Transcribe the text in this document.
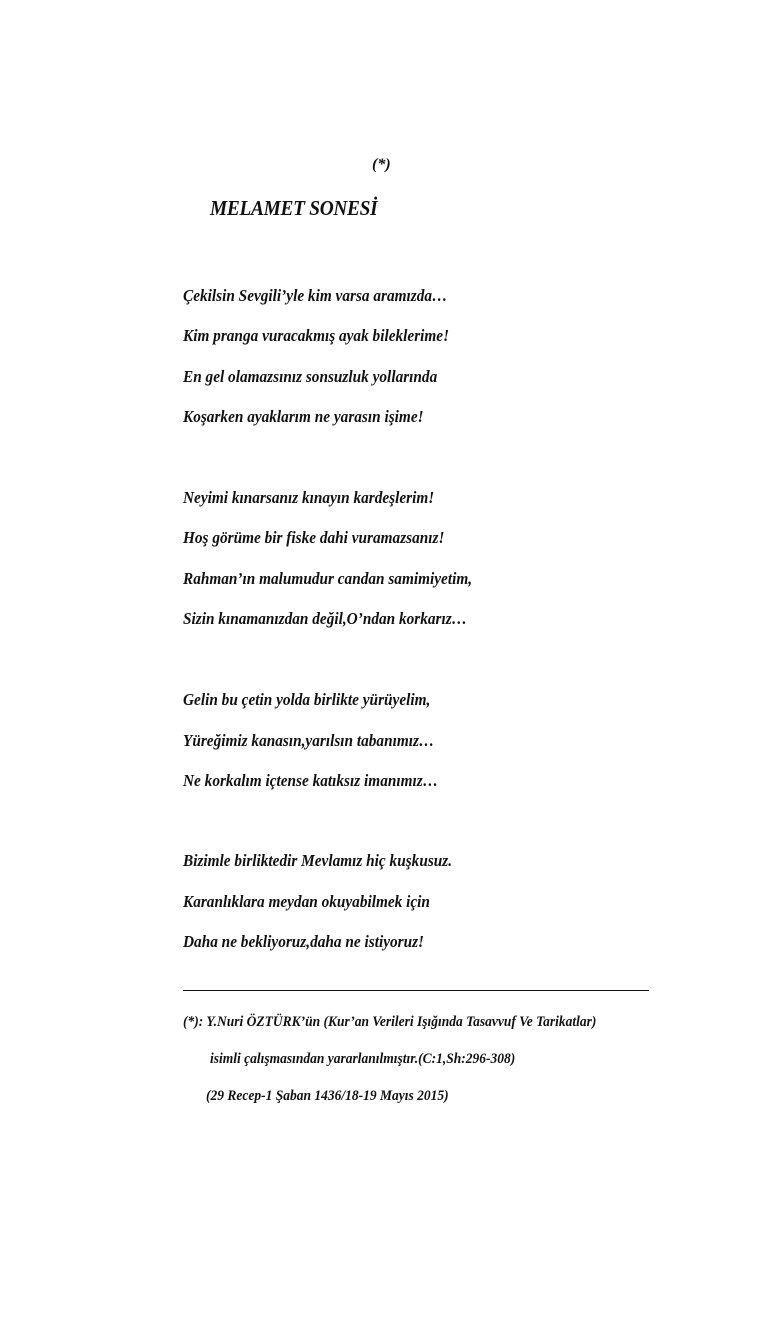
(*)
MELAMET SONESİ
Çekilsin Sevgili’yle kim varsa aramızda…
Kim pranga vuracakmış ayak bileklerime!
En gel olamazsınız sonsuzluk yollarında
Koşarken ayaklarım ne yarasın işime!
Neyimi kınarsanız kınayın kardeşlerim!
Hoş görüme bir fiske dahi vuramazsanız!
Rahman’ın malumudur candan samimiyetim,
Sizin kınamanızdan değil,O’ndan korkarız…
Gelin bu çetin yolda birlikte yürüyelim,
Yüreğimiz kanasın,yarılsın tabanımız…
Ne korkalım içtense katıksız imanımız…
Bizimle birliktedir Mevlamız hiç kuşkusuz.
Karanlıklara meydan okuyabilmek için
Daha ne bekliyoruz,daha ne istiyoruz!
(*): Y.Nuri ÖZTÜRK’ün (Kur’an Verileri Işığında Tasavvuf Ve Tarikatlar)
isimli çalışmasından yararlanılmıştır.(C:1,Sh:296-308)
(29 Recep-1 Şaban 1436/18-19 Mayıs 2015)
